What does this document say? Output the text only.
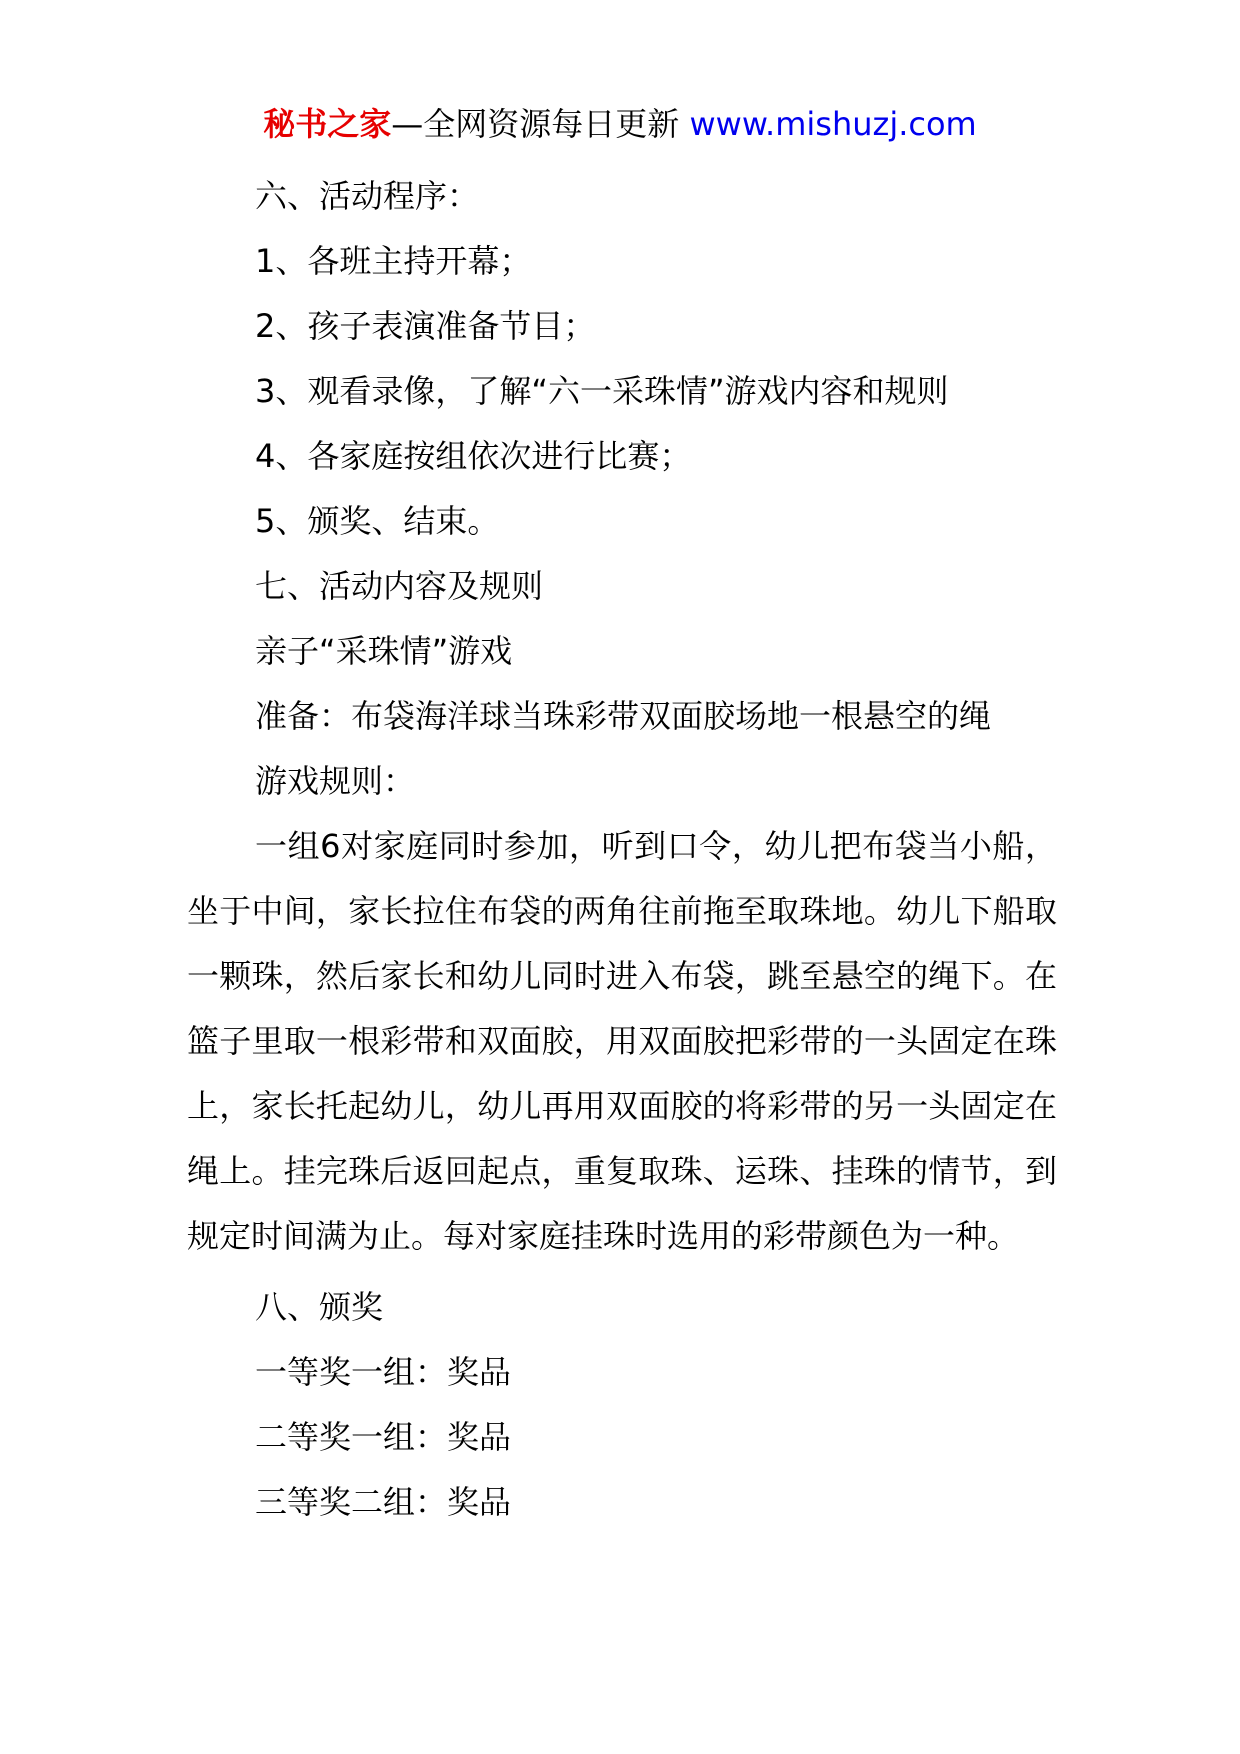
秘书之家—全网资源每日更新 www.mishuzj.com
六、活动程序：
1、各班主持开幕；
2、孩子表演准备节目；
3、观看录像，了解“六一采珠情”游戏内容和规则
4、各家庭按组依次进行比赛；
5、颁奖、结束。
七、活动内容及规则
亲子“采珠情”游戏
准备：布袋海洋球当珠彩带双面胶场地一根悬空的绳
游戏规则：
一组6对家庭同时参加，听到口令，幼儿把布袋当小船，坐于中间，家长拉住布袋的两角往前拖至取珠地。幼儿下船取一颗珠，然后家长和幼儿同时进入布袋，跳至悬空的绳下。在篮子里取一根彩带和双面胶，用双面胶把彩带的一头固定在珠上，家长托起幼儿，幼儿再用双面胶的将彩带的另一头固定在绳上。挂完珠后返回起点，重复取珠、运珠、挂珠的情节，到规定时间满为止。每对家庭挂珠时选用的彩带颜色为一种。
八、颁奖
一等奖一组：奖品
二等奖一组：奖品
三等奖二组：奖品
